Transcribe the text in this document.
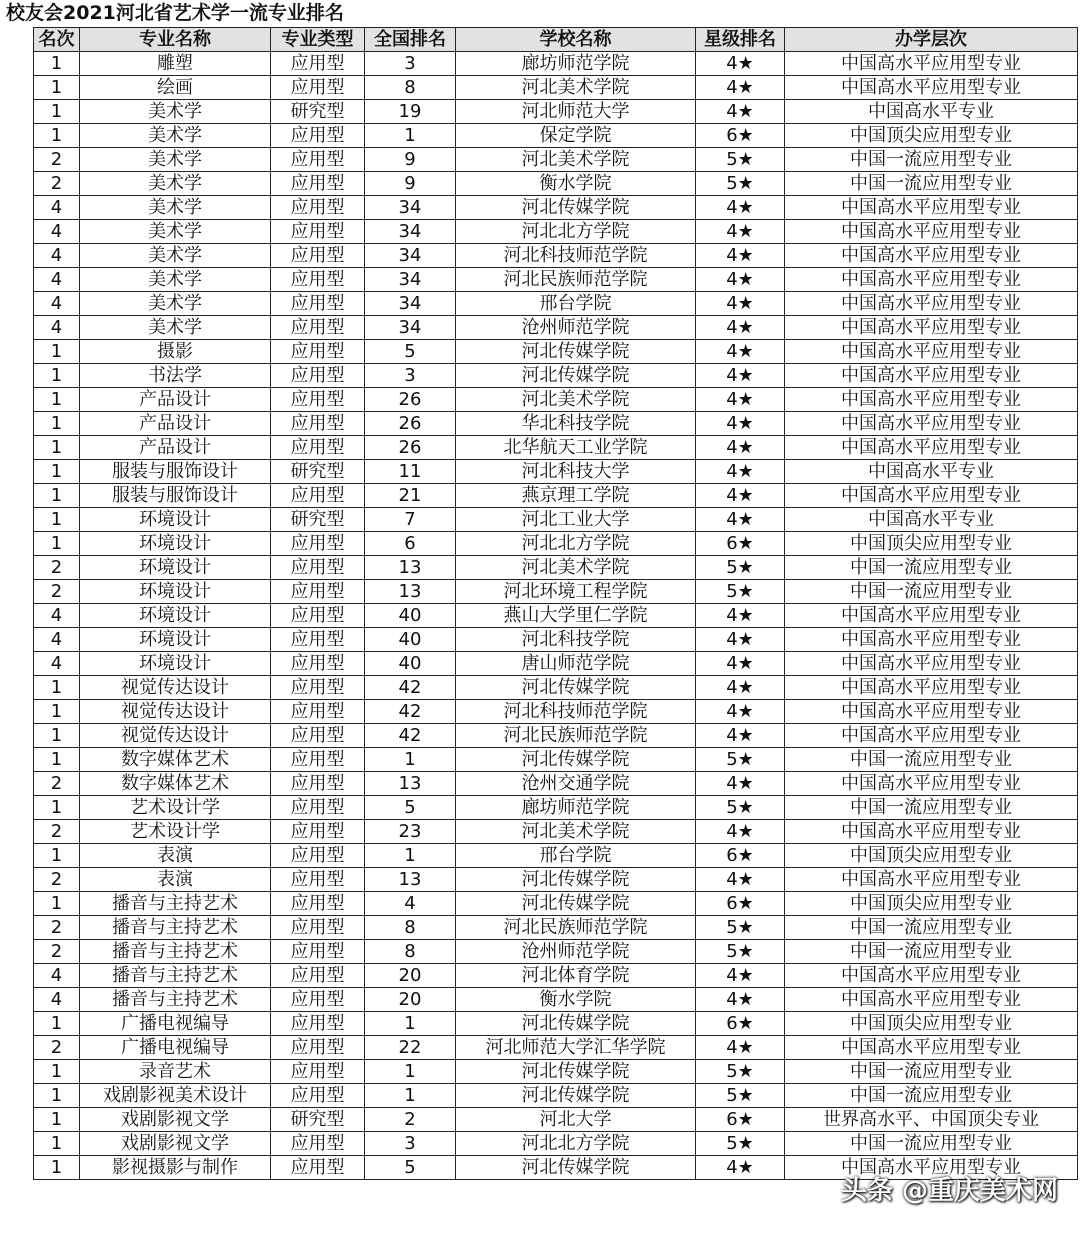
校友会2021河北省艺术学一流专业排名
名次	专业名称	专业类型	全国排名	学校名称	星级排名	办学层次
1	雕塑	应用型	3	廊坊师范学院	4★	中国高水平应用型专业
1	绘画	应用型	8	河北美术学院	4★	中国高水平应用型专业
1	美术学	研究型	19	河北师范大学	4★	中国高水平专业
1	美术学	应用型	1	保定学院	6★	中国顶尖应用型专业
2	美术学	应用型	9	河北美术学院	5★	中国一流应用型专业
2	美术学	应用型	9	衡水学院	5★	中国一流应用型专业
4	美术学	应用型	34	河北传媒学院	4★	中国高水平应用型专业
4	美术学	应用型	34	河北北方学院	4★	中国高水平应用型专业
4	美术学	应用型	34	河北科技师范学院	4★	中国高水平应用型专业
4	美术学	应用型	34	河北民族师范学院	4★	中国高水平应用型专业
4	美术学	应用型	34	邢台学院	4★	中国高水平应用型专业
4	美术学	应用型	34	沧州师范学院	4★	中国高水平应用型专业
1	摄影	应用型	5	河北传媒学院	4★	中国高水平应用型专业
1	书法学	应用型	3	河北传媒学院	4★	中国高水平应用型专业
1	产品设计	应用型	26	河北美术学院	4★	中国高水平应用型专业
1	产品设计	应用型	26	华北科技学院	4★	中国高水平应用型专业
1	产品设计	应用型	26	北华航天工业学院	4★	中国高水平应用型专业
1	服装与服饰设计	研究型	11	河北科技大学	4★	中国高水平专业
1	服装与服饰设计	应用型	21	燕京理工学院	4★	中国高水平应用型专业
1	环境设计	研究型	7	河北工业大学	4★	中国高水平专业
1	环境设计	应用型	6	河北北方学院	6★	中国顶尖应用型专业
2	环境设计	应用型	13	河北美术学院	5★	中国一流应用型专业
2	环境设计	应用型	13	河北环境工程学院	5★	中国一流应用型专业
4	环境设计	应用型	40	燕山大学里仁学院	4★	中国高水平应用型专业
4	环境设计	应用型	40	河北科技学院	4★	中国高水平应用型专业
4	环境设计	应用型	40	唐山师范学院	4★	中国高水平应用型专业
1	视觉传达设计	应用型	42	河北传媒学院	4★	中国高水平应用型专业
1	视觉传达设计	应用型	42	河北科技师范学院	4★	中国高水平应用型专业
1	视觉传达设计	应用型	42	河北民族师范学院	4★	中国高水平应用型专业
1	数字媒体艺术	应用型	1	河北传媒学院	5★	中国一流应用型专业
2	数字媒体艺术	应用型	13	沧州交通学院	4★	中国高水平应用型专业
1	艺术设计学	应用型	5	廊坊师范学院	5★	中国一流应用型专业
2	艺术设计学	应用型	23	河北美术学院	4★	中国高水平应用型专业
1	表演	应用型	1	邢台学院	6★	中国顶尖应用型专业
2	表演	应用型	13	河北传媒学院	4★	中国高水平应用型专业
1	播音与主持艺术	应用型	4	河北传媒学院	6★	中国顶尖应用型专业
2	播音与主持艺术	应用型	8	河北民族师范学院	5★	中国一流应用型专业
2	播音与主持艺术	应用型	8	沧州师范学院	5★	中国一流应用型专业
4	播音与主持艺术	应用型	20	河北体育学院	4★	中国高水平应用型专业
4	播音与主持艺术	应用型	20	衡水学院	4★	中国高水平应用型专业
1	广播电视编导	应用型	1	河北传媒学院	6★	中国顶尖应用型专业
2	广播电视编导	应用型	22	河北师范大学汇华学院	4★	中国高水平应用型专业
1	录音艺术	应用型	1	河北传媒学院	5★	中国一流应用型专业
1	戏剧影视美术设计	应用型	1	河北传媒学院	5★	中国一流应用型专业
1	戏剧影视文学	研究型	2	河北大学	6★	世界高水平、中国顶尖专业
1	戏剧影视文学	应用型	3	河北北方学院	5★	中国一流应用型专业
1	影视摄影与制作	应用型	5	河北传媒学院	4★	中国高水平应用型专业
头条 @重庆美术网
